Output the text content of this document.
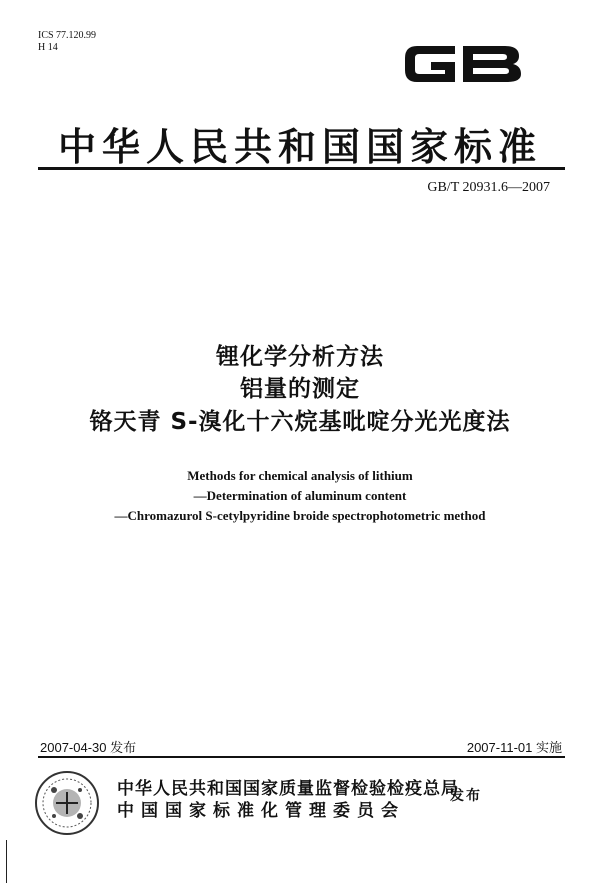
ICS 77.120.99
H 14
中华人民共和国国家标准
GB/T 20931.6—2007
锂化学分析方法
铝量的测定
铬天青 S-溴化十六烷基吡啶分光光度法
Methods for chemical analysis of lithium
—Determination of aluminum content
—Chromazurol S-cetylpyridine broide spectrophotometric method
2007-04-30 发布	2007-11-01 实施
中华人民共和国国家质量监督检验检疫总局
中国国家标准化管理委员会
发布
